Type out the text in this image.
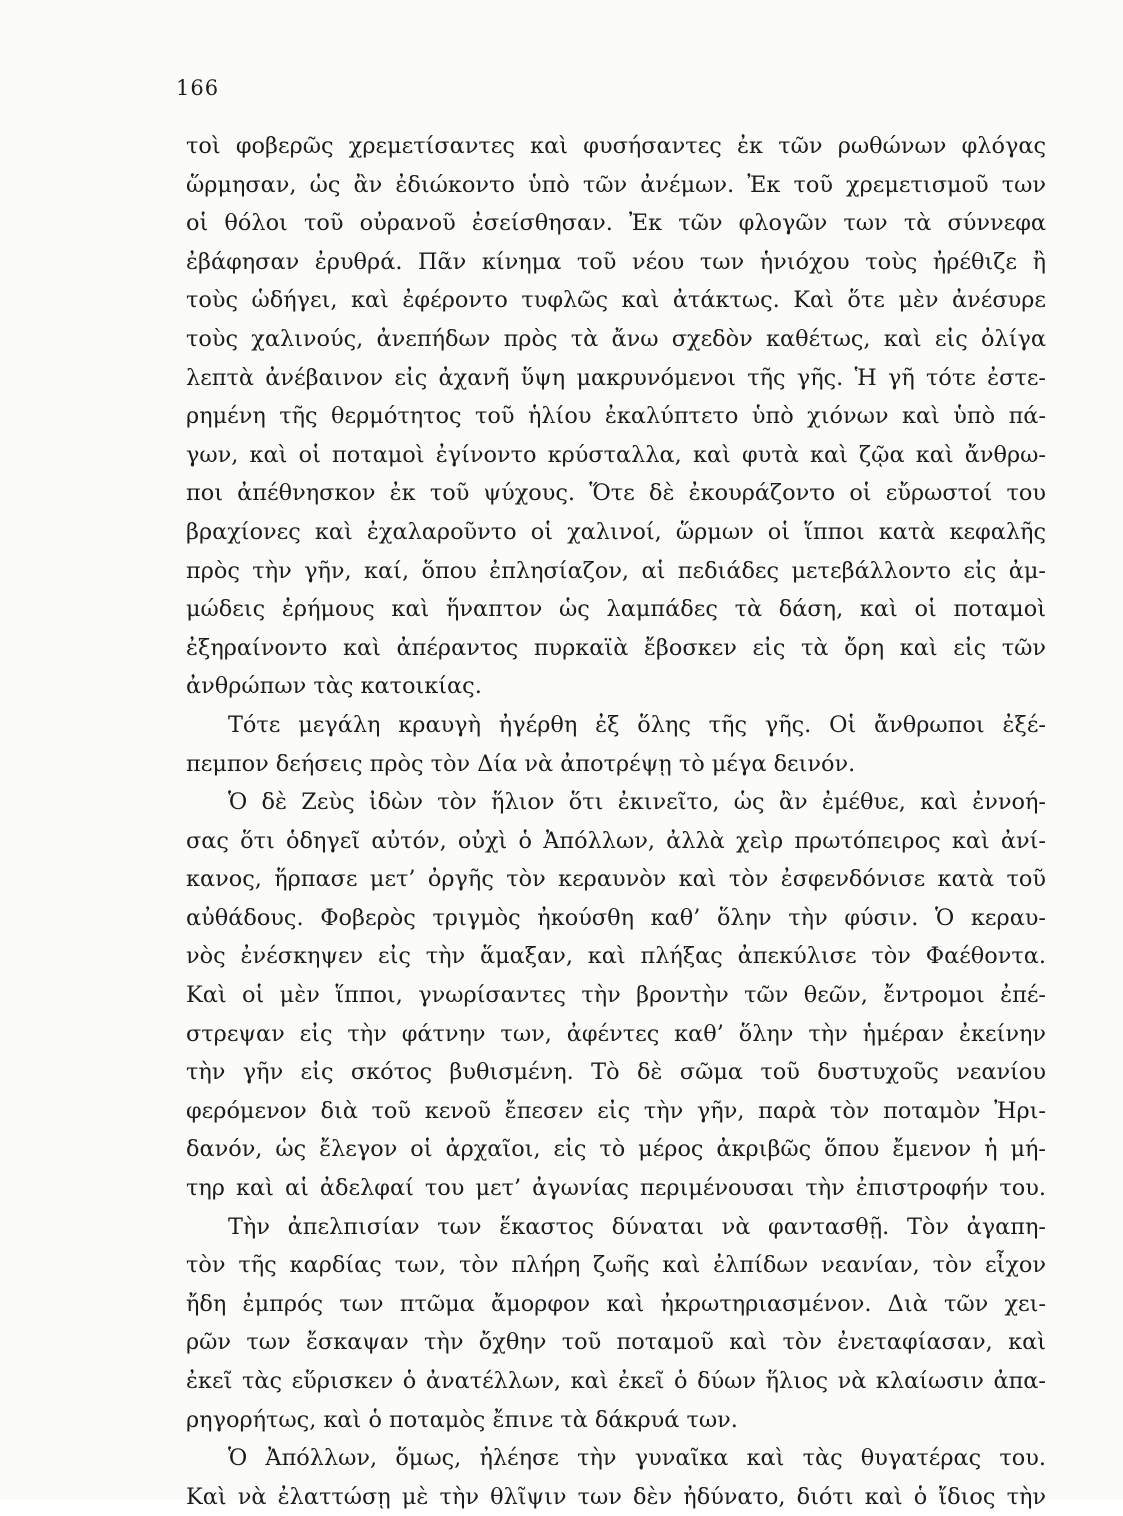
166
τοὶ φοβερῶς χρεμετίσαντες καὶ φυσήσαντες ἐκ τῶν ρωθώνων φλόγας
ὥρμησαν, ὡς ἂν ἐδιώκοντο ὑπὸ τῶν ἀνέμων. Ἐκ τοῦ χρεμετισμοῦ των
οἱ θόλοι τοῦ οὐρανοῦ ἐσείσθησαν. Ἐκ τῶν φλογῶν των τὰ σύννεφα
ἐβάφησαν ἐρυθρά. Πᾶν κίνημα τοῦ νέου των ἡνιόχου τοὺς ἠρέθιζε ἢ
τοὺς ὡδήγει, καὶ ἐφέροντο τυφλῶς καὶ ἀτάκτως. Καὶ ὅτε μὲν ἀνέσυρε
τοὺς χαλινούς, ἀνεπήδων πρὸς τὰ ἄνω σχεδὸν καθέτως, καὶ εἰς ὀλίγα
λεπτὰ ἀνέβαινον εἰς ἀχανῆ ὕψη μακρυνόμενοι τῆς γῆς. Ἡ γῆ τότε ἐστε-
ρημένη τῆς θερμότητος τοῦ ἡλίου ἐκαλύπτετο ὑπὸ χιόνων καὶ ὑπὸ πά-
γων, καὶ οἱ ποταμοὶ ἐγίνοντο κρύσταλλα, καὶ φυτὰ καὶ ζῷα καὶ ἄνθρω-
ποι ἀπέθνησκον ἐκ τοῦ ψύχους. Ὅτε δὲ ἐκουράζοντο οἱ εὔρωστοί του
βραχίονες καὶ ἐχαλαροῦντο οἱ χαλινοί, ὥρμων οἱ ἵπποι κατὰ κεφαλῆς
πρὸς τὴν γῆν, καί, ὅπου ἐπλησίαζον, αἱ πεδιάδες μετεβάλλοντο εἰς ἀμ-
μώδεις ἐρήμους καὶ ἥναπτον ὡς λαμπάδες τὰ δάση, καὶ οἱ ποταμοὶ
ἐξηραίνοντο καὶ ἀπέραντος πυρκαϊὰ ἔβοσκεν εἰς τὰ ὄρη καὶ εἰς τῶν
ἀνθρώπων τὰς κατοικίας.
Τότε μεγάλη κραυγὴ ἠγέρθη ἐξ ὅλης τῆς γῆς. Οἱ ἄνθρωποι ἐξέ-
πεμπον δεήσεις πρὸς τὸν Δία νὰ ἀποτρέψῃ τὸ μέγα δεινόν.
Ὁ δὲ Ζεὺς ἰδὼν τὸν ἥλιον ὅτι ἐκινεῖτο, ὡς ἂν ἐμέθυε, καὶ ἐννοή-
σας ὅτι ὁδηγεῖ αὐτόν, οὐχὶ ὁ Ἀπόλλων, ἀλλὰ χεὶρ πρωτόπειρος καὶ ἀνί-
κανος, ἥρπασε μετ’ ὀργῆς τὸν κεραυνὸν καὶ τὸν ἐσφενδόνισε κατὰ τοῦ
αὐθάδους. Φοβερὸς τριγμὸς ἠκούσθη καθ’ ὅλην τὴν φύσιν. Ὁ κεραυ-
νὸς ἐνέσκηψεν εἰς τὴν ἅμαξαν, καὶ πλήξας ἀπεκύλισε τὸν Φαέθοντα.
Καὶ οἱ μὲν ἵπποι, γνωρίσαντες τὴν βροντὴν τῶν θεῶν, ἔντρομοι ἐπέ-
στρεψαν εἰς τὴν φάτνην των, ἀφέντες καθ’ ὅλην τὴν ἡμέραν ἐκείνην
τὴν γῆν εἰς σκότος βυθισμένη. Τὸ δὲ σῶμα τοῦ δυστυχοῦς νεανίου
φερόμενον διὰ τοῦ κενοῦ ἔπεσεν εἰς τὴν γῆν, παρὰ τὸν ποταμὸν Ἠρι-
δανόν, ὡς ἔλεγον οἱ ἀρχαῖοι, εἰς τὸ μέρος ἀκριβῶς ὅπου ἔμενον ἡ μή-
τηρ καὶ αἱ ἀδελφαί του μετ’ ἀγωνίας περιμένουσαι τὴν ἐπιστροφήν του.
Τὴν ἀπελπισίαν των ἕκαστος δύναται νὰ φαντασθῇ. Τὸν ἀγαπη-
τὸν τῆς καρδίας των, τὸν πλήρη ζωῆς καὶ ἐλπίδων νεανίαν, τὸν εἶχον
ἤδη ἐμπρός των πτῶμα ἄμορφον καὶ ἠκρωτηριασμένον. Διὰ τῶν χει-
ρῶν των ἔσκαψαν τὴν ὄχθην τοῦ ποταμοῦ καὶ τὸν ἐνεταφίασαν, καὶ
ἐκεῖ τὰς εὕρισκεν ὁ ἀνατέλλων, καὶ ἐκεῖ ὁ δύων ἥλιος νὰ κλαίωσιν ἀπα-
ρηγορήτως, καὶ ὁ ποταμὸς ἔπινε τὰ δάκρυά των.
Ὁ Ἀπόλλων, ὅμως, ἠλέησε τὴν γυναῖκα καὶ τὰς θυγατέρας του.
Καὶ νὰ ἐλαττώσῃ μὲ τὴν θλῖψιν των δὲν ἠδύνατο, διότι καὶ ὁ ἴδιος τὴν
